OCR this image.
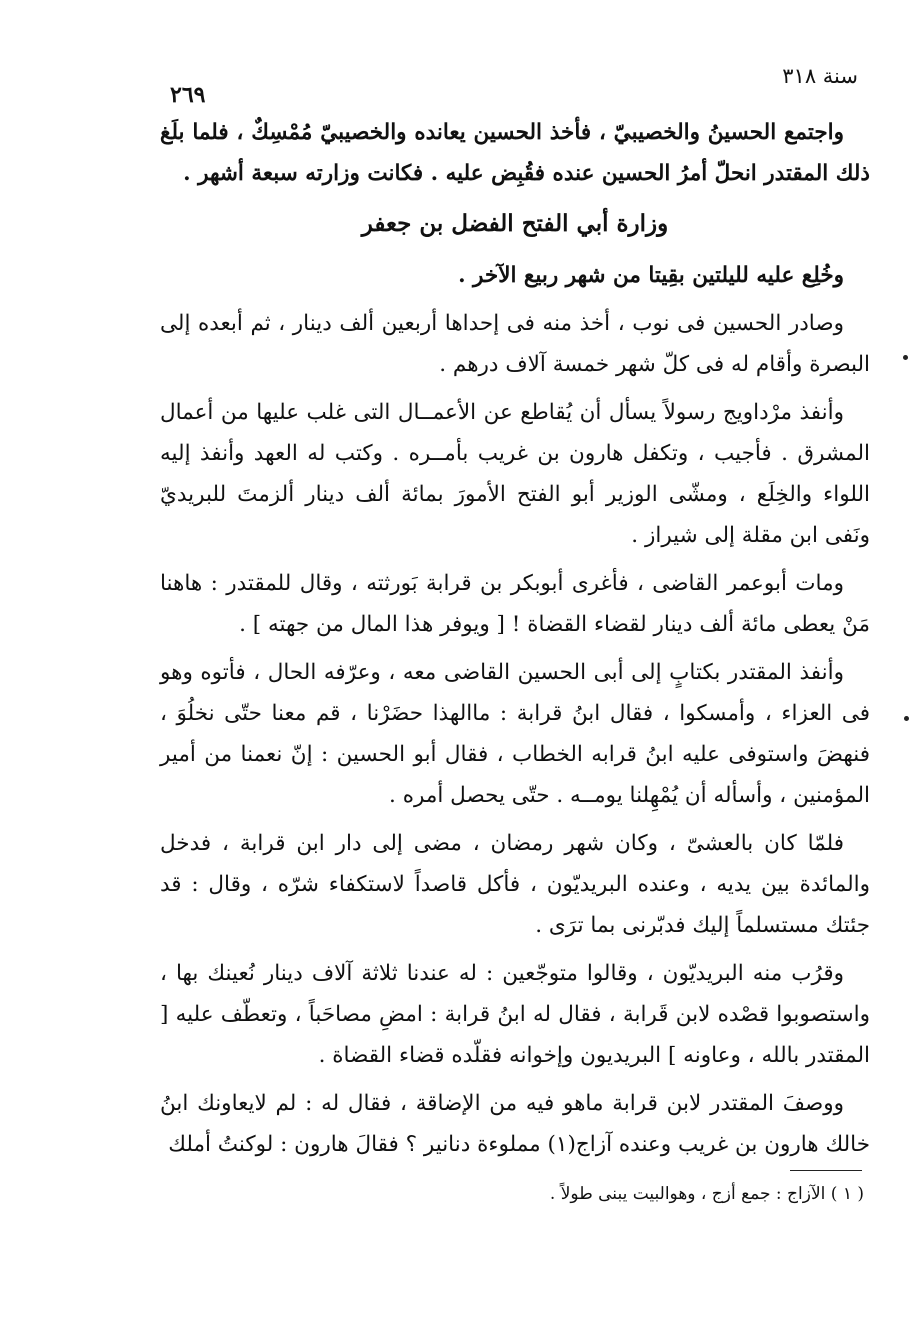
سنة ٣١٨
٢٦٩

واجتمع الحسينُ والخصيبيّ ، فأخذ الحسين يعانده والخصيبيّ مُمْسِكٌ ، فلما بلَغ ذلك المقتدر انحلّ أمرُ الحسين عنده فقُبِض عليه . فكانت وزارته سبعة أشهر .

وزارة أبي الفتح الفضل بن جعفر

وخُلِع عليه لليلتين بقِيتا من شهر ربيع الآخر .

وصادر الحسين فى نوب ، أخذ منه فى إحداها أربعين ألف دينار ، ثم أبعده إلى البصرة وأقام له فى كلّ شهر خمسة آلاف درهم .

وأنفذ مرْداويج رسولاً يسأل أن يُقاطع عن الأعمــال التى غلب عليها من أعمال المشرق . فأجيب ، وتكفل هارون بن غريب بأمــره . وكتب له العهد وأنفذ إليه اللواء والخِلَع ، ومشّى الوزير أبو الفتح الأمورَ بمائة ألف دينار ألزمتَ للبريديّ ونَفى ابن مقلة إلى شيراز .

ومات أبوعمر القاضى ، فأغرى أبوبكر بن قرابة بَورثته ، وقال للمقتدر : هاهنا مَنْ يعطى مائة ألف دينار لقضاء القضاة ! [ ويوفر هذا المال من جهته ] .

وأنفذ المقتدر بكتابٍ إلى أبى الحسين القاضى معه ، وعرّفه الحال ، فأتوه وهو فى العزاء ، وأمسكوا ، فقال ابنُ قرابة : ماالهذا حضَرْنا ، قم معنا حتّى نخلُوَ ، فنهضَ واستوفى عليه ابنُ قرابه الخطاب ، فقال أبو الحسين : إنّ نعمنا من أمير المؤمنين ، وأسأله أن يُمْهِلنا يومــه . حتّى يحصل أمره .

فلمّا كان بالعشىّ ، وكان شهر رمضان ، مضى إلى دار ابن قرابة ، فدخل والمائدة بين يديه ، وعنده البريديّون ، فأكل قاصداً لاستكفاء شرّه ، وقال : قد جئتك مستسلماً إليك فدبّرنى بما ترَى .

وقرُب منه البريديّون ، وقالوا متوجّعين : له عندنا ثلاثة آلاف دينار نُعينك بها ، واستصوبوا قصْده لابن قَرابة ، فقال له ابنُ قرابة : امضِ مصاحَباً ، وتعطّف عليه [ المقتدر بالله ، وعاونه ] البريديون وإخوانه فقلّده قضاء القضاة .

ووصفَ المقتدر لابن قرابة ماهو فيه من الإضاقة ، فقال له : لم لايعاونك ابنُ خالك هارون بن غريب وعنده آزاج(١) مملوءة دنانير ؟ فقالَ هارون : لوكنتُ أملك

( ١ ) الآزاج : جمع أزج ، وهوالبيت يبنى طولاً .
